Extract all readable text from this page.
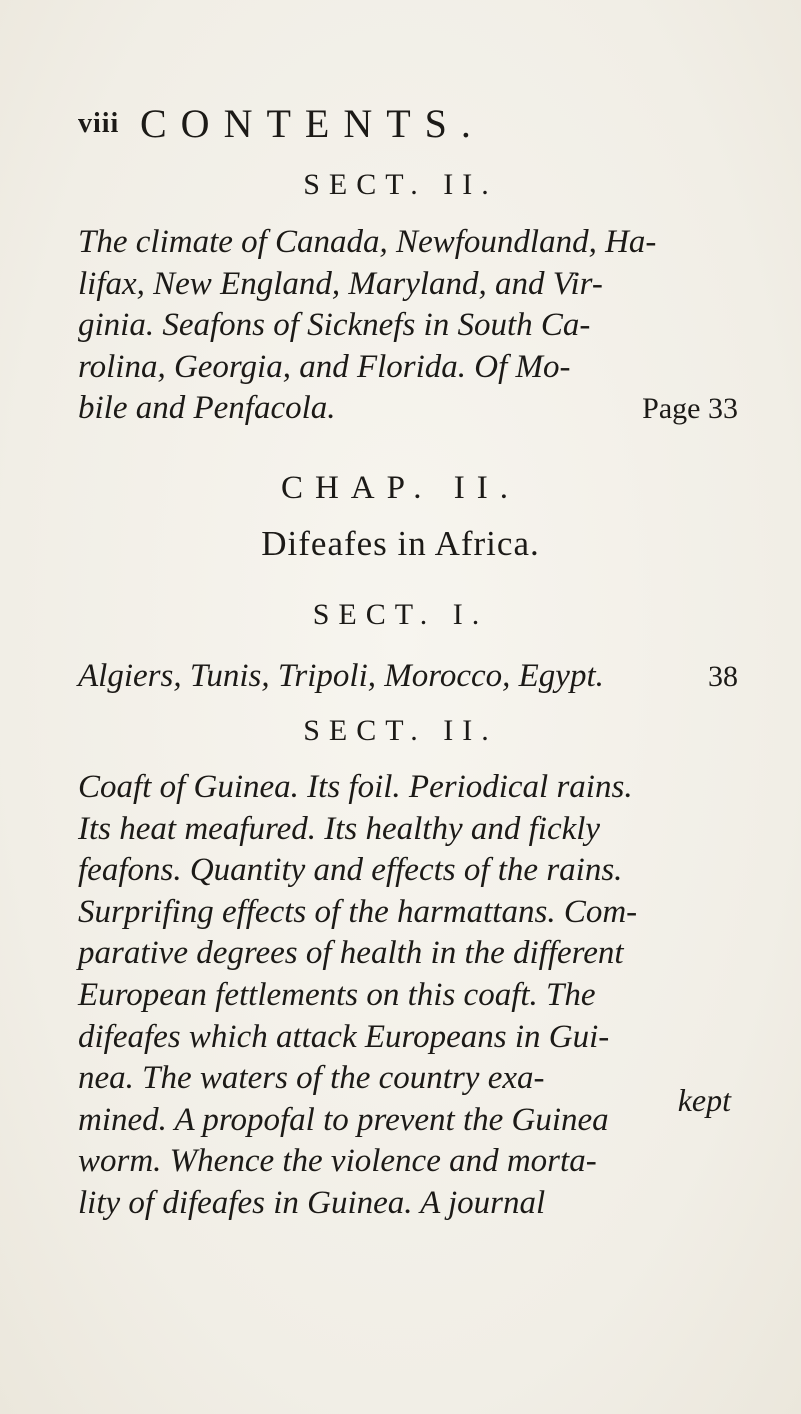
viii CONTENTS.
SECT. II.
The climate of Canada, Newfoundland, Ha-
lifax, New England, Maryland, and Vir-
ginia. Seafons of Sicknefs in South Ca-
rolina, Georgia, and Florida. Of Mo-
bile and Penfacola.	Page 33
CHAP. II.
Difeafes in Africa.
SECT. I.
Algiers, Tunis, Tripoli, Morocco, Egypt.	38
SECT. II.
Coaft of Guinea. Its foil. Periodical rains.
Its heat meafured. Its healthy and fickly
feafons. Quantity and effects of the rains.
Surprifing effects of the harmattans. Com-
parative degrees of health in the different
European fettlements on this coaft. The
difeafes which attack Europeans in Gui-
nea. The waters of the country exa-
mined. A propofal to prevent the Guinea
worm. Whence the violence and morta-
lity of difeafes in Guinea. A journal
kept
